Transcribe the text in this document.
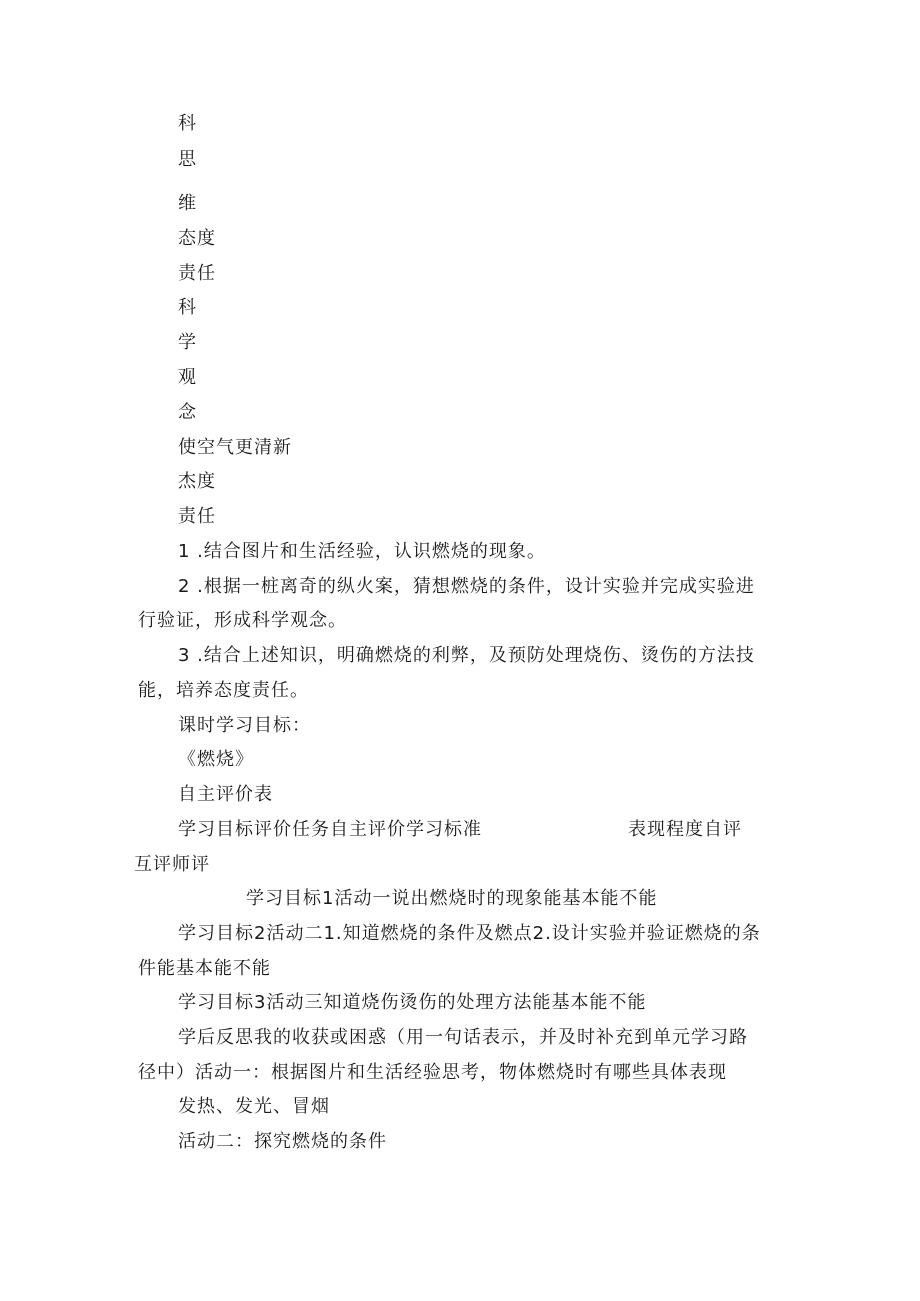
科
思
维
态度
责任
科
学
观
念
使空气更清新
杰度
责任
1 .结合图片和生活经验，认识燃烧的现象。
2 .根据一桩离奇的纵火案，猜想燃烧的条件，设计实验并完成实验进
行验证，形成科学观念。
3 .结合上述知识，明确燃烧的利弊，及预防处理烧伤、烫伤的方法技
能，培养态度责任。
课时学习目标：
《燃烧》
自主评价表
学习目标评价任务自主评价学习标准	表现程度自评
互评师评
学习目标1活动一说出燃烧时的现象能基本能不能
学习目标2活动二1.知道燃烧的条件及燃点2.设计实验并验证燃烧的条
件能基本能不能
学习目标3活动三知道烧伤烫伤的处理方法能基本能不能
学后反思我的收获或困惑（用一句话表示，并及时补充到单元学习路
径中）活动一：根据图片和生活经验思考，物体燃烧时有哪些具体表现
发热、发光、冒烟
活动二：探究燃烧的条件
